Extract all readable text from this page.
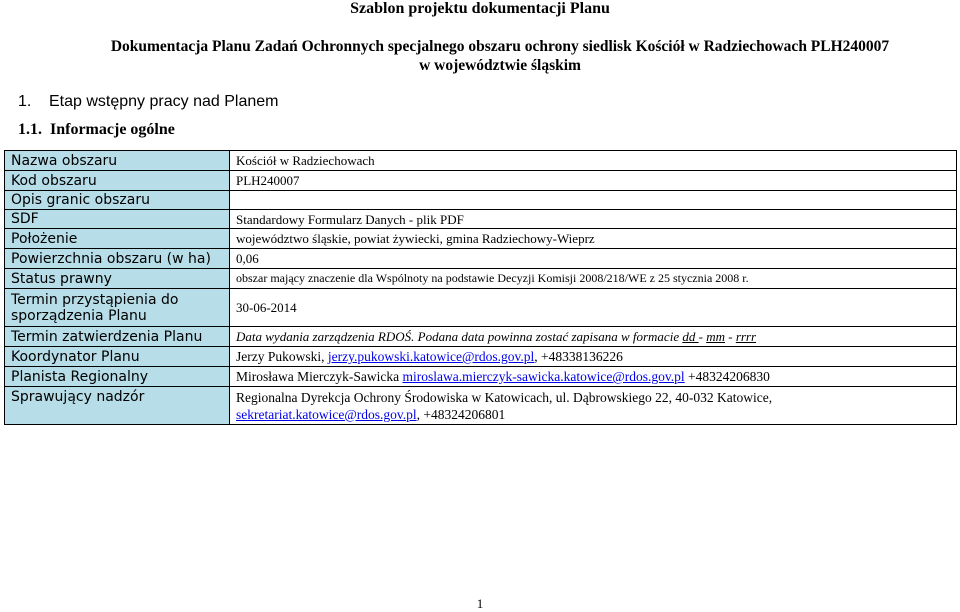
Szablon projektu dokumentacji Planu
Dokumentacja Planu Zadań Ochronnych specjalnego obszaru ochrony siedlisk Kościół w Radziechowach PLH240007
w województwie śląskim
1. Etap wstępny pracy nad Planem
1.1. Informacje ogólne
Nazwa obszaru	Kościół w Radziechowach
Kod obszaru	PLH240007
Opis granic obszaru	
SDF	Standardowy Formularz Danych - plik PDF
Położenie	województwo śląskie, powiat żywiecki, gmina Radziechowy-Wieprz
Powierzchnia obszaru (w ha)	0,06
Status prawny	obszar mający znaczenie dla Wspólnoty na podstawie Decyzji Komisji 2008/218/WE z 25 stycznia 2008 r.

Termin przystąpienia do
sporządzenia Planu	30-06-2014
Termin zatwierdzenia Planu	Data wydania zarządzenia RDOŚ. Podana data powinna zostać zapisana w formacie dd - mm - rrrr
Koordynator Planu	Jerzy Pukowski, jerzy.pukowski.katowice@rdos.gov.pl, +48338136226
Planista Regionalny	Mirosława Mierczyk-Sawicka miroslawa.mierczyk-sawicka.katowice@rdos.gov.pl +48324206830
Sprawujący nadzór	Regionalna Dyrekcja Ochrony Środowiska w Katowicach, ul. Dąbrowskiego 22, 40-032 Katowice,
sekretariat.katowice@rdos.gov.pl, +48324206801
1
